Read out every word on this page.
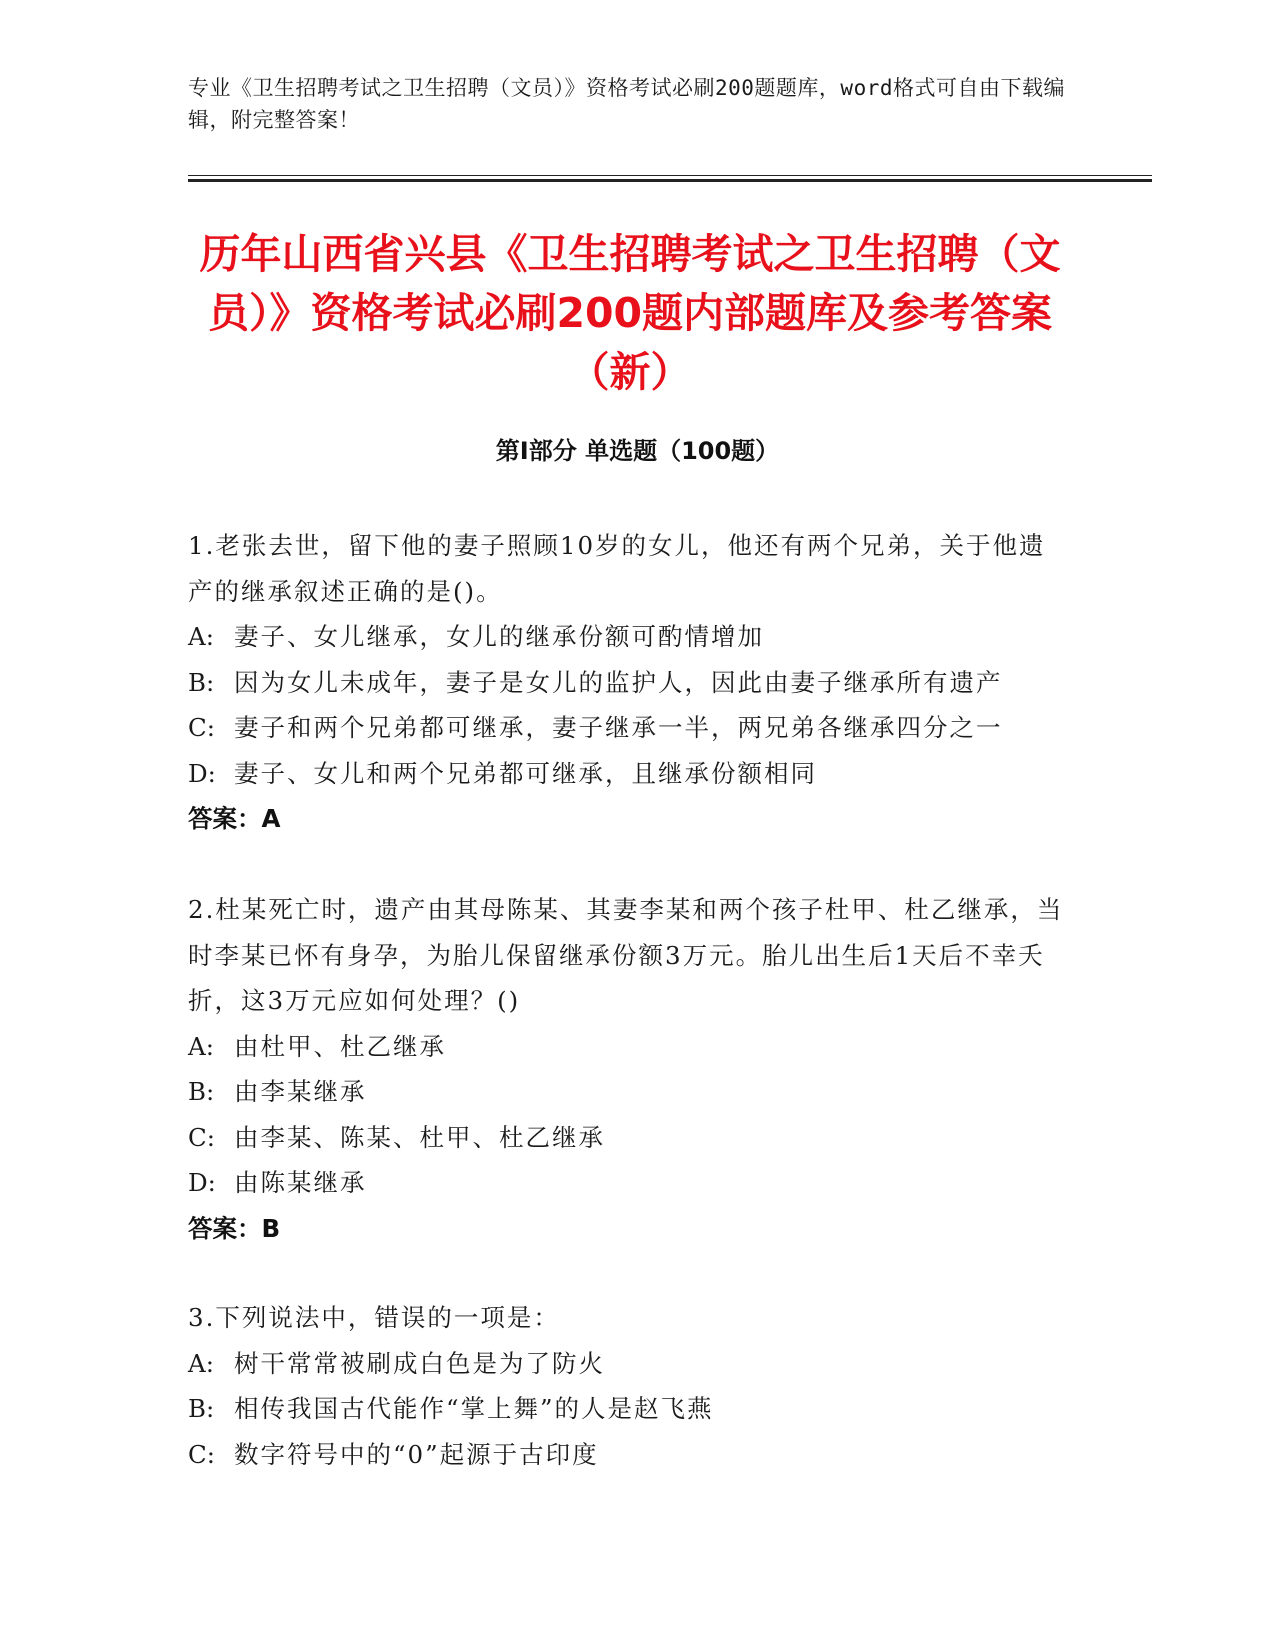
专业《卫生招聘考试之卫生招聘（文员）》资格考试必刷200题题库，word格式可自由下载编辑，附完整答案！
历年山西省兴县《卫生招聘考试之卫生招聘（文员）》资格考试必刷200题内部题库及参考答案（新）
第Ⅰ部分 单选题（100题）
1.老张去世，留下他的妻子照顾10岁的女儿，他还有两个兄弟，关于他遗产的继承叙述正确的是()。
A: 妻子、女儿继承，女儿的继承份额可酌情增加
B: 因为女儿未成年，妻子是女儿的监护人，因此由妻子继承所有遗产
C: 妻子和两个兄弟都可继承，妻子继承一半，两兄弟各继承四分之一
D: 妻子、女儿和两个兄弟都可继承，且继承份额相同
答案：A
2.杜某死亡时，遗产由其母陈某、其妻李某和两个孩子杜甲、杜乙继承，当时李某已怀有身孕，为胎儿保留继承份额3万元。胎儿出生后1天后不幸夭折，这3万元应如何处理？()
A: 由杜甲、杜乙继承
B: 由李某继承
C: 由李某、陈某、杜甲、杜乙继承
D: 由陈某继承
答案：B
3.下列说法中，错误的一项是：
A: 树干常常被刷成白色是为了防火
B: 相传我国古代能作“掌上舞”的人是赵飞燕
C: 数字符号中的“0”起源于古印度
